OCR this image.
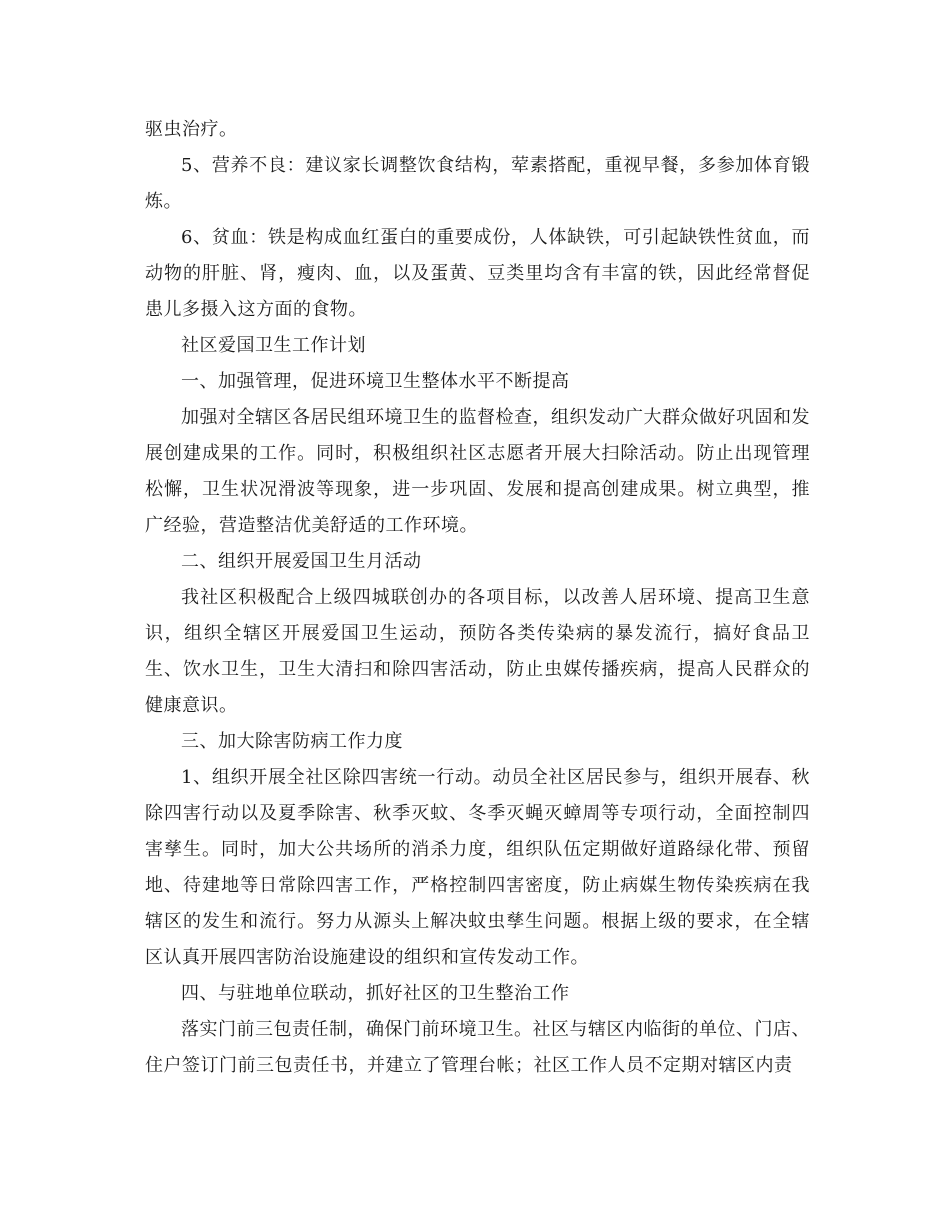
驱虫治疗。

5、营养不良：建议家长调整饮食结构，荤素搭配，重视早餐，多参加体育锻炼。

6、贫血：铁是构成血红蛋白的重要成份，人体缺铁，可引起缺铁性贫血，而动物的肝脏、肾，瘦肉、血，以及蛋黄、豆类里均含有丰富的铁，因此经常督促患儿多摄入这方面的食物。

社区爱国卫生工作计划

一、加强管理，促进环境卫生整体水平不断提高

加强对全辖区各居民组环境卫生的监督检查，组织发动广大群众做好巩固和发展创建成果的工作。同时，积极组织社区志愿者开展大扫除活动。防止出现管理松懈，卫生状况滑波等现象，进一步巩固、发展和提高创建成果。树立典型，推广经验，营造整洁优美舒适的工作环境。

二、组织开展爱国卫生月活动

我社区积极配合上级四城联创办的各项目标，以改善人居环境、提高卫生意识，组织全辖区开展爱国卫生运动，预防各类传染病的暴发流行，搞好食品卫生、饮水卫生，卫生大清扫和除四害活动，防止虫媒传播疾病，提高人民群众的健康意识。

三、加大除害防病工作力度

1、组织开展全社区除四害统一行动。动员全社区居民参与，组织开展春、秋除四害行动以及夏季除害、秋季灭蚊、冬季灭蝇灭蟑周等专项行动，全面控制四害孳生。同时，加大公共场所的消杀力度，组织队伍定期做好道路绿化带、预留地、待建地等日常除四害工作，严格控制四害密度，防止病媒生物传染疾病在我辖区的发生和流行。努力从源头上解决蚊虫孳生问题。根据上级的要求，在全辖区认真开展四害防治设施建设的组织和宣传发动工作。

四、与驻地单位联动，抓好社区的卫生整治工作

落实门前三包责任制，确保门前环境卫生。社区与辖区内临街的单位、门店、住户签订门前三包责任书，并建立了管理台帐；社区工作人员不定期对辖区内责
